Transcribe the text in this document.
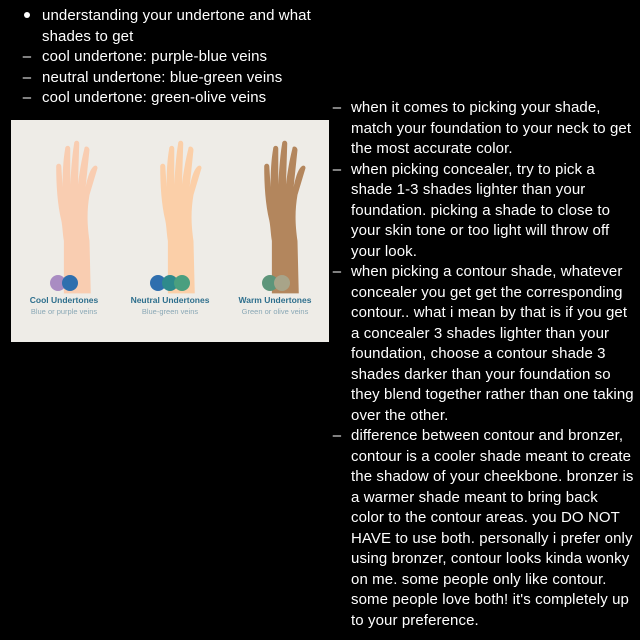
understanding your undertone and what shades to get
– cool undertone: purple-blue veins
– neutral undertone: blue-green veins
– cool undertone: green-olive veins
Cool Undertones
Blue or purple veins
Neutral Undertones
Blue-green veins
Warm Undertones
Green or olive veins
– when it comes to picking your shade, match your foundation to your neck to get the most accurate color.
– when picking concealer, try to pick a shade 1-3 shades lighter than your foundation. picking a shade to close to your skin tone or too light will throw off your look.
– when picking a contour shade, whatever concealer you get get the corresponding contour.. what i mean by that is if you get a concealer 3 shades lighter than your foundation, choose a contour shade 3 shades darker than your foundation so they blend together rather than one taking over the other.
– difference between contour and bronzer, contour is a cooler shade meant to create the shadow of your cheekbone. bronzer is a warmer shade meant to bring back color to the contour areas. you DO NOT HAVE to use both. personally i prefer only using bronzer, contour looks kinda wonky on me. some people only like contour. some people love both! it's completely up to your preference.
